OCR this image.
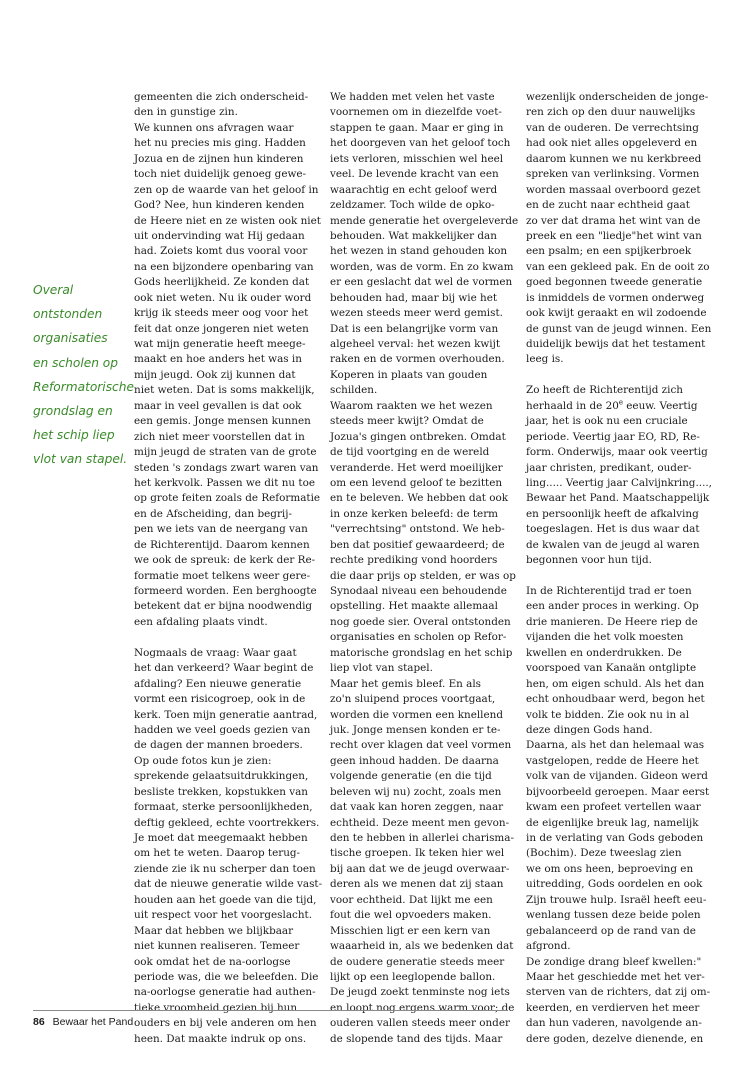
Overal
ontstonden
organisaties
en scholen op
Reformatorische
grondslag en
het schip liep
vlot van stapel.
gemeenten die zich onderscheid-
den in gunstige zin.
We kunnen ons afvragen waar
het nu precies mis ging. Hadden
Jozua en de zijnen hun kinderen
toch niet duidelijk genoeg gewe-
zen op de waarde van het geloof in
God? Nee, hun kinderen kenden
de Heere niet en ze wisten ook niet
uit ondervinding wat Hij gedaan
had. Zoiets komt dus vooral voor
na een bijzondere openbaring van
Gods heerlijkheid. Ze konden dat
ook niet weten. Nu ik ouder word
krijg ik steeds meer oog voor het
feit dat onze jongeren niet weten
wat mijn generatie heeft meege-
maakt en hoe anders het was in
mijn jeugd. Ook zij kunnen dat
niet weten. Dat is soms makkelijk,
maar in veel gevallen is dat ook
een gemis. Jonge mensen kunnen
zich niet meer voorstellen dat in
mijn jeugd de straten van de grote
steden 's zondags zwart waren van
het kerkvolk. Passen we dit nu toe
op grote feiten zoals de Reformatie
en de Afscheiding, dan begrij-
pen we iets van de neergang van
de Richterentijd. Daarom kennen
we ook de spreuk: de kerk der Re-
formatie moet telkens weer gere-
formeerd worden. Een berghoogte
betekent dat er bijna noodwendig
een afdaling plaats vindt.
Nogmaals de vraag: Waar gaat
het dan verkeerd? Waar begint de
afdaling? Een nieuwe generatie
vormt een risicogroep, ook in de
kerk. Toen mijn generatie aantrad,
hadden we veel goeds gezien van
de dagen der mannen broeders.
Op oude fotos kun je zien:
sprekende gelaatsuitdrukkingen,
besliste trekken, kopstukken van
formaat, sterke persoonlijkheden,
deftig gekleed, echte voortrekkers.
Je moet dat meegemaakt hebben
om het te weten. Daarop terug-
ziende zie ik nu scherper dan toen
dat de nieuwe generatie wilde vast-
houden aan het goede van die tijd,
uit respect voor het voorgeslacht.
Maar dat hebben we blijkbaar
niet kunnen realiseren. Temeer
ook omdat het de na-oorlogse
periode was, die we beleefden. Die
na-oorlogse generatie had authen-
tieke vroomheid gezien bij hun
ouders en bij vele anderen om hen
heen. Dat maakte indruk op ons.
We hadden met velen het vaste
voornemen om in diezelfde voet-
stappen te gaan. Maar er ging in
het doorgeven van het geloof toch
iets verloren, misschien wel heel
veel. De levende kracht van een
waarachtig en echt geloof werd
zeldzamer. Toch wilde de opko-
mende generatie het overgeleverde
behouden. Wat makkelijker dan
het wezen in stand gehouden kon
worden, was de vorm. En zo kwam
er een geslacht dat wel de vormen
behouden had, maar bij wie het
wezen steeds meer werd gemist.
Dat is een belangrijke vorm van
algeheel verval: het wezen kwijt
raken en de vormen overhouden.
Koperen in plaats van gouden
schilden.
Waarom raakten we het wezen
steeds meer kwijt? Omdat de
Jozua's gingen ontbreken. Omdat
de tijd voortging en de wereld
veranderde. Het werd moeilijker
om een levend geloof te bezitten
en te beleven. We hebben dat ook
in onze kerken beleefd: de term
"verrechtsing" ontstond. We heb-
ben dat positief gewaardeerd; de
rechte prediking vond hoorders
die daar prijs op stelden, er was op
Synodaal niveau een behoudende
opstelling. Het maakte allemaal
nog goede sier. Overal ontstonden
organisaties en scholen op Refor-
matorische grondslag en het schip
liep vlot van stapel.
Maar het gemis bleef. En als
zo'n sluipend proces voortgaat,
worden die vormen een knellend
juk. Jonge mensen konden er te-
recht over klagen dat veel vormen
geen inhoud hadden. De daarna
volgende generatie (en die tijd
beleven wij nu) zocht, zoals men
dat vaak kan horen zeggen, naar
echtheid. Deze meent men gevon-
den te hebben in allerlei charisma-
tische groepen. Ik teken hier wel
bij aan dat we de jeugd overwaar-
deren als we menen dat zij staan
voor echtheid. Dat lijkt me een
fout die wel opvoeders maken.
Misschien ligt er een kern van
waaarheid in, als we bedenken dat
de oudere generatie steeds meer
lijkt op een leeglopende ballon.
De jeugd zoekt tenminste nog iets
en loopt nog ergens warm voor; de
ouderen vallen steeds meer onder
de slopende tand des tijds. Maar
wezenlijk onderscheiden de jonge-
ren zich op den duur nauwelijks
van de ouderen. De verrechtsing
had ook niet alles opgeleverd en
daarom kunnen we nu kerkbreed
spreken van verlinksing. Vormen
worden massaal overboord gezet
en de zucht naar echtheid gaat
zo ver dat drama het wint van de
preek en een "liedje"het wint van
een psalm; en een spijkerbroek
van een gekleed pak. En de ooit zo
goed begonnen tweede generatie
is inmiddels de vormen onderweg
ook kwijt geraakt en wil zodoende
de gunst van de jeugd winnen. Een
duidelijk bewijs dat het testament
leeg is.
Zo heeft de Richterentijd zich
herhaald in de 20e eeuw. Veertig
jaar, het is ook nu een cruciale
periode. Veertig jaar EO, RD, Re-
form. Onderwijs, maar ook veertig
jaar christen, predikant, ouder-
ling..... Veertig jaar Calvijnkring....,
Bewaar het Pand. Maatschappelijk
en persoonlijk heeft de afkalving
toegeslagen. Het is dus waar dat
de kwalen van de jeugd al waren
begonnen voor hun tijd.
In de Richterentijd trad er toen
een ander proces in werking. Op
drie manieren. De Heere riep de
vijanden die het volk moesten
kwellen en onderdrukken. De
voorspoed van Kanaän ontglipte
hen, om eigen schuld. Als het dan
echt onhoudbaar werd, begon het
volk te bidden. Zie ook nu in al
deze dingen Gods hand.
Daarna, als het dan helemaal was
vastgelopen, redde de Heere het
volk van de vijanden. Gideon werd
bijvoorbeeld geroepen. Maar eerst
kwam een profeet vertellen waar
de eigenlijke breuk lag, namelijk
in de verlating van Gods geboden
(Bochim). Deze tweeslag zien
we om ons heen, beproeving en
uitredding, Gods oordelen en ook
Zijn trouwe hulp. Israël heeft eeu-
wenlang tussen deze beide polen
gebalanceerd op de rand van de
afgrond.
De zondige drang bleef kwellen:"
Maar het geschiedde met het ver-
sterven van de richters, dat zij om-
keerden, en verdierven het meer
dan hun vaderen, navolgende an-
dere goden, dezelve dienende, en
86 Bewaar het Pand
